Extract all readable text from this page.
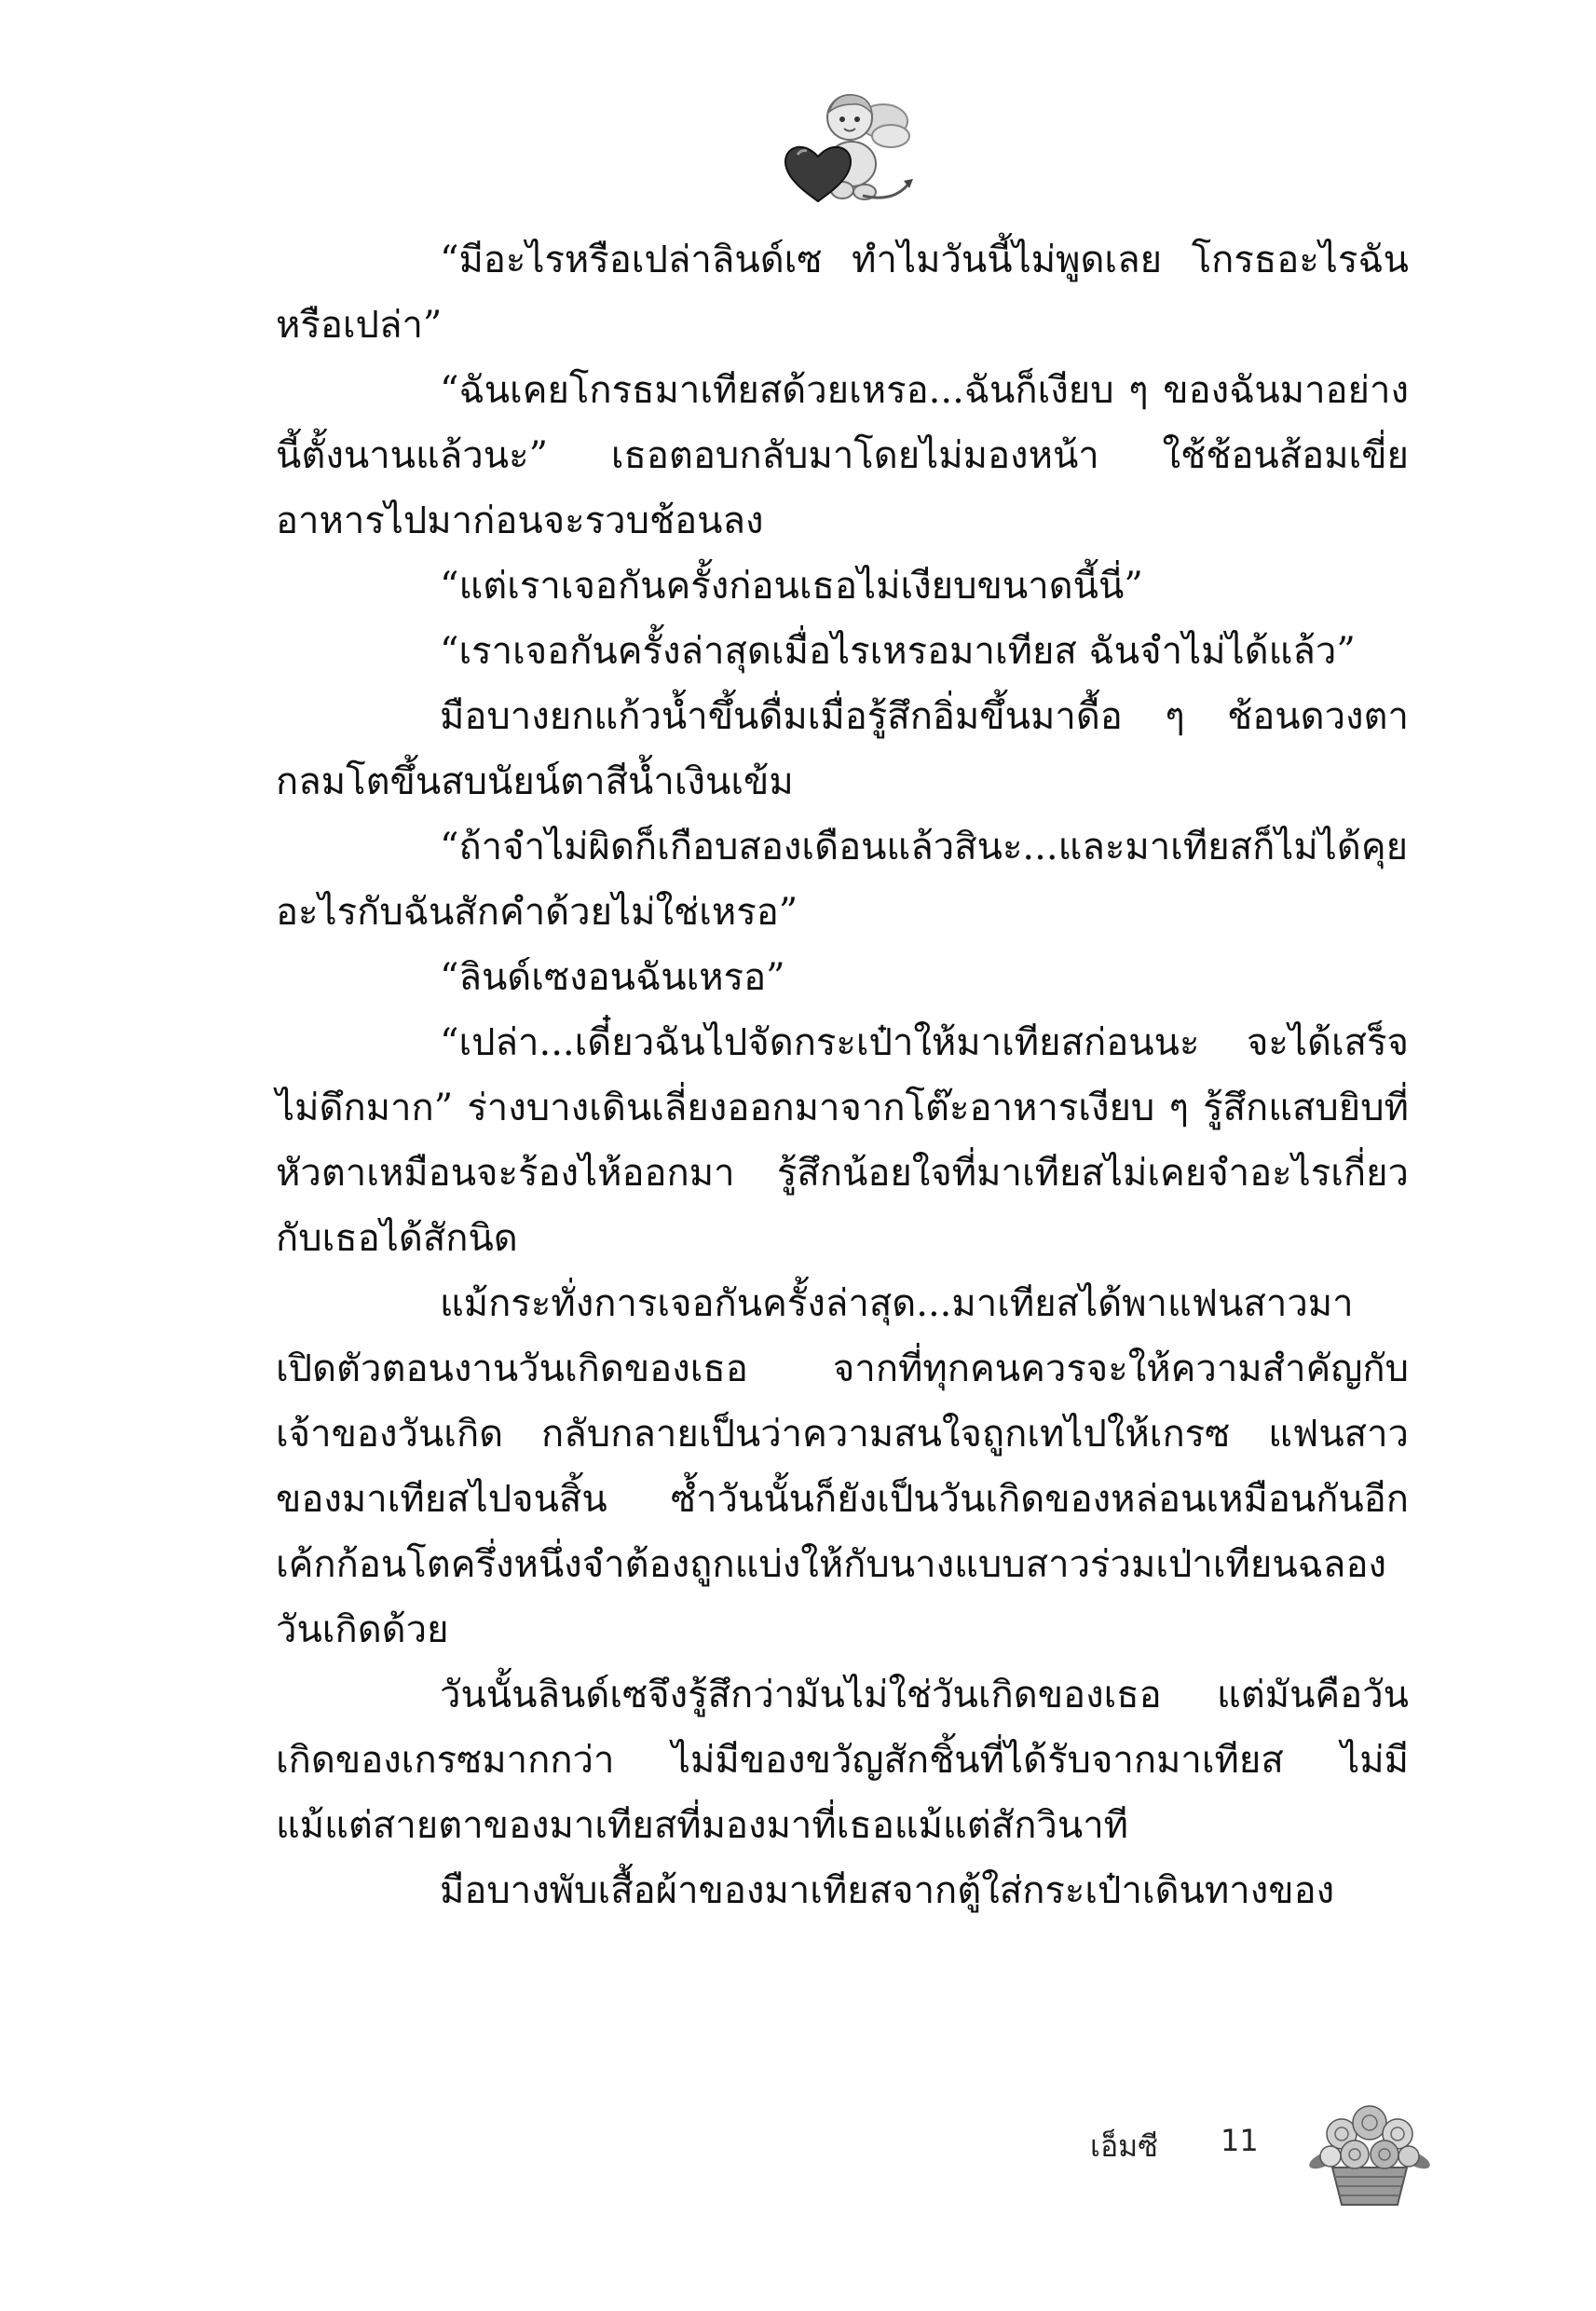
“มีอะไรหรือเปล่าลินด์เซ ทำไมวันนี้ไม่พูดเลย โกรธอะไรฉันหรือเปล่า”

“ฉันเคยโกรธมาเทียสด้วยเหรอ...ฉันก็เงียบ ๆ ของฉันมาอย่างนี้ตั้งนานแล้วนะ” เธอตอบกลับมาโดยไม่มองหน้า ใช้ช้อนส้อมเขี่ยอาหารไปมาก่อนจะรวบช้อนลง

“แต่เราเจอกันครั้งก่อนเธอไม่เงียบขนาดนี้นี่”

“เราเจอกันครั้งล่าสุดเมื่อไรเหรอมาเทียส ฉันจำไม่ได้แล้ว”

มือบางยกแก้วน้ำขึ้นดื่มเมื่อรู้สึกอิ่มขึ้นมาดื้อ ๆ ช้อนดวงตากลมโตขึ้นสบนัยน์ตาสีน้ำเงินเข้ม

“ถ้าจำไม่ผิดก็เกือบสองเดือนแล้วสินะ...และมาเทียสก็ไม่ได้คุยอะไรกับฉันสักคำด้วยไม่ใช่เหรอ”

“ลินด์เซงอนฉันเหรอ”

“เปล่า...เดี๋ยวฉันไปจัดกระเป๋าให้มาเทียสก่อนนะ จะได้เสร็จไม่ดึกมาก” ร่างบางเดินเลี่ยงออกมาจากโต๊ะอาหารเงียบ ๆ รู้สึกแสบยิบที่หัวตาเหมือนจะร้องไห้ออกมา รู้สึกน้อยใจที่มาเทียสไม่เคยจำอะไรเกี่ยวกับเธอได้สักนิด

แม้กระทั่งการเจอกันครั้งล่าสุด...มาเทียสได้พาแฟนสาวมาเปิดตัวตอนงานวันเกิดของเธอ จากที่ทุกคนควรจะให้ความสำคัญกับเจ้าของวันเกิด กลับกลายเป็นว่าความสนใจถูกเทไปให้เกรซ แฟนสาวของมาเทียสไปจนสิ้น ซ้ำวันนั้นก็ยังเป็นวันเกิดของหล่อนเหมือนกันอีก เค้กก้อนโตครึ่งหนึ่งจำต้องถูกแบ่งให้กับนางแบบสาวร่วมเป่าเทียนฉลองวันเกิดด้วย

วันนั้นลินด์เซจึงรู้สึกว่ามันไม่ใช่วันเกิดของเธอ แต่มันคือวันเกิดของเกรซมากกว่า ไม่มีของขวัญสักชิ้นที่ได้รับจากมาเทียส ไม่มีแม้แต่สายตาของมาเทียสที่มองมาที่เธอแม้แต่สักวินาที

มือบางพับเสื้อผ้าของมาเทียสจากตู้ใส่กระเป๋าเดินทางของ

เอ็มซี 11
